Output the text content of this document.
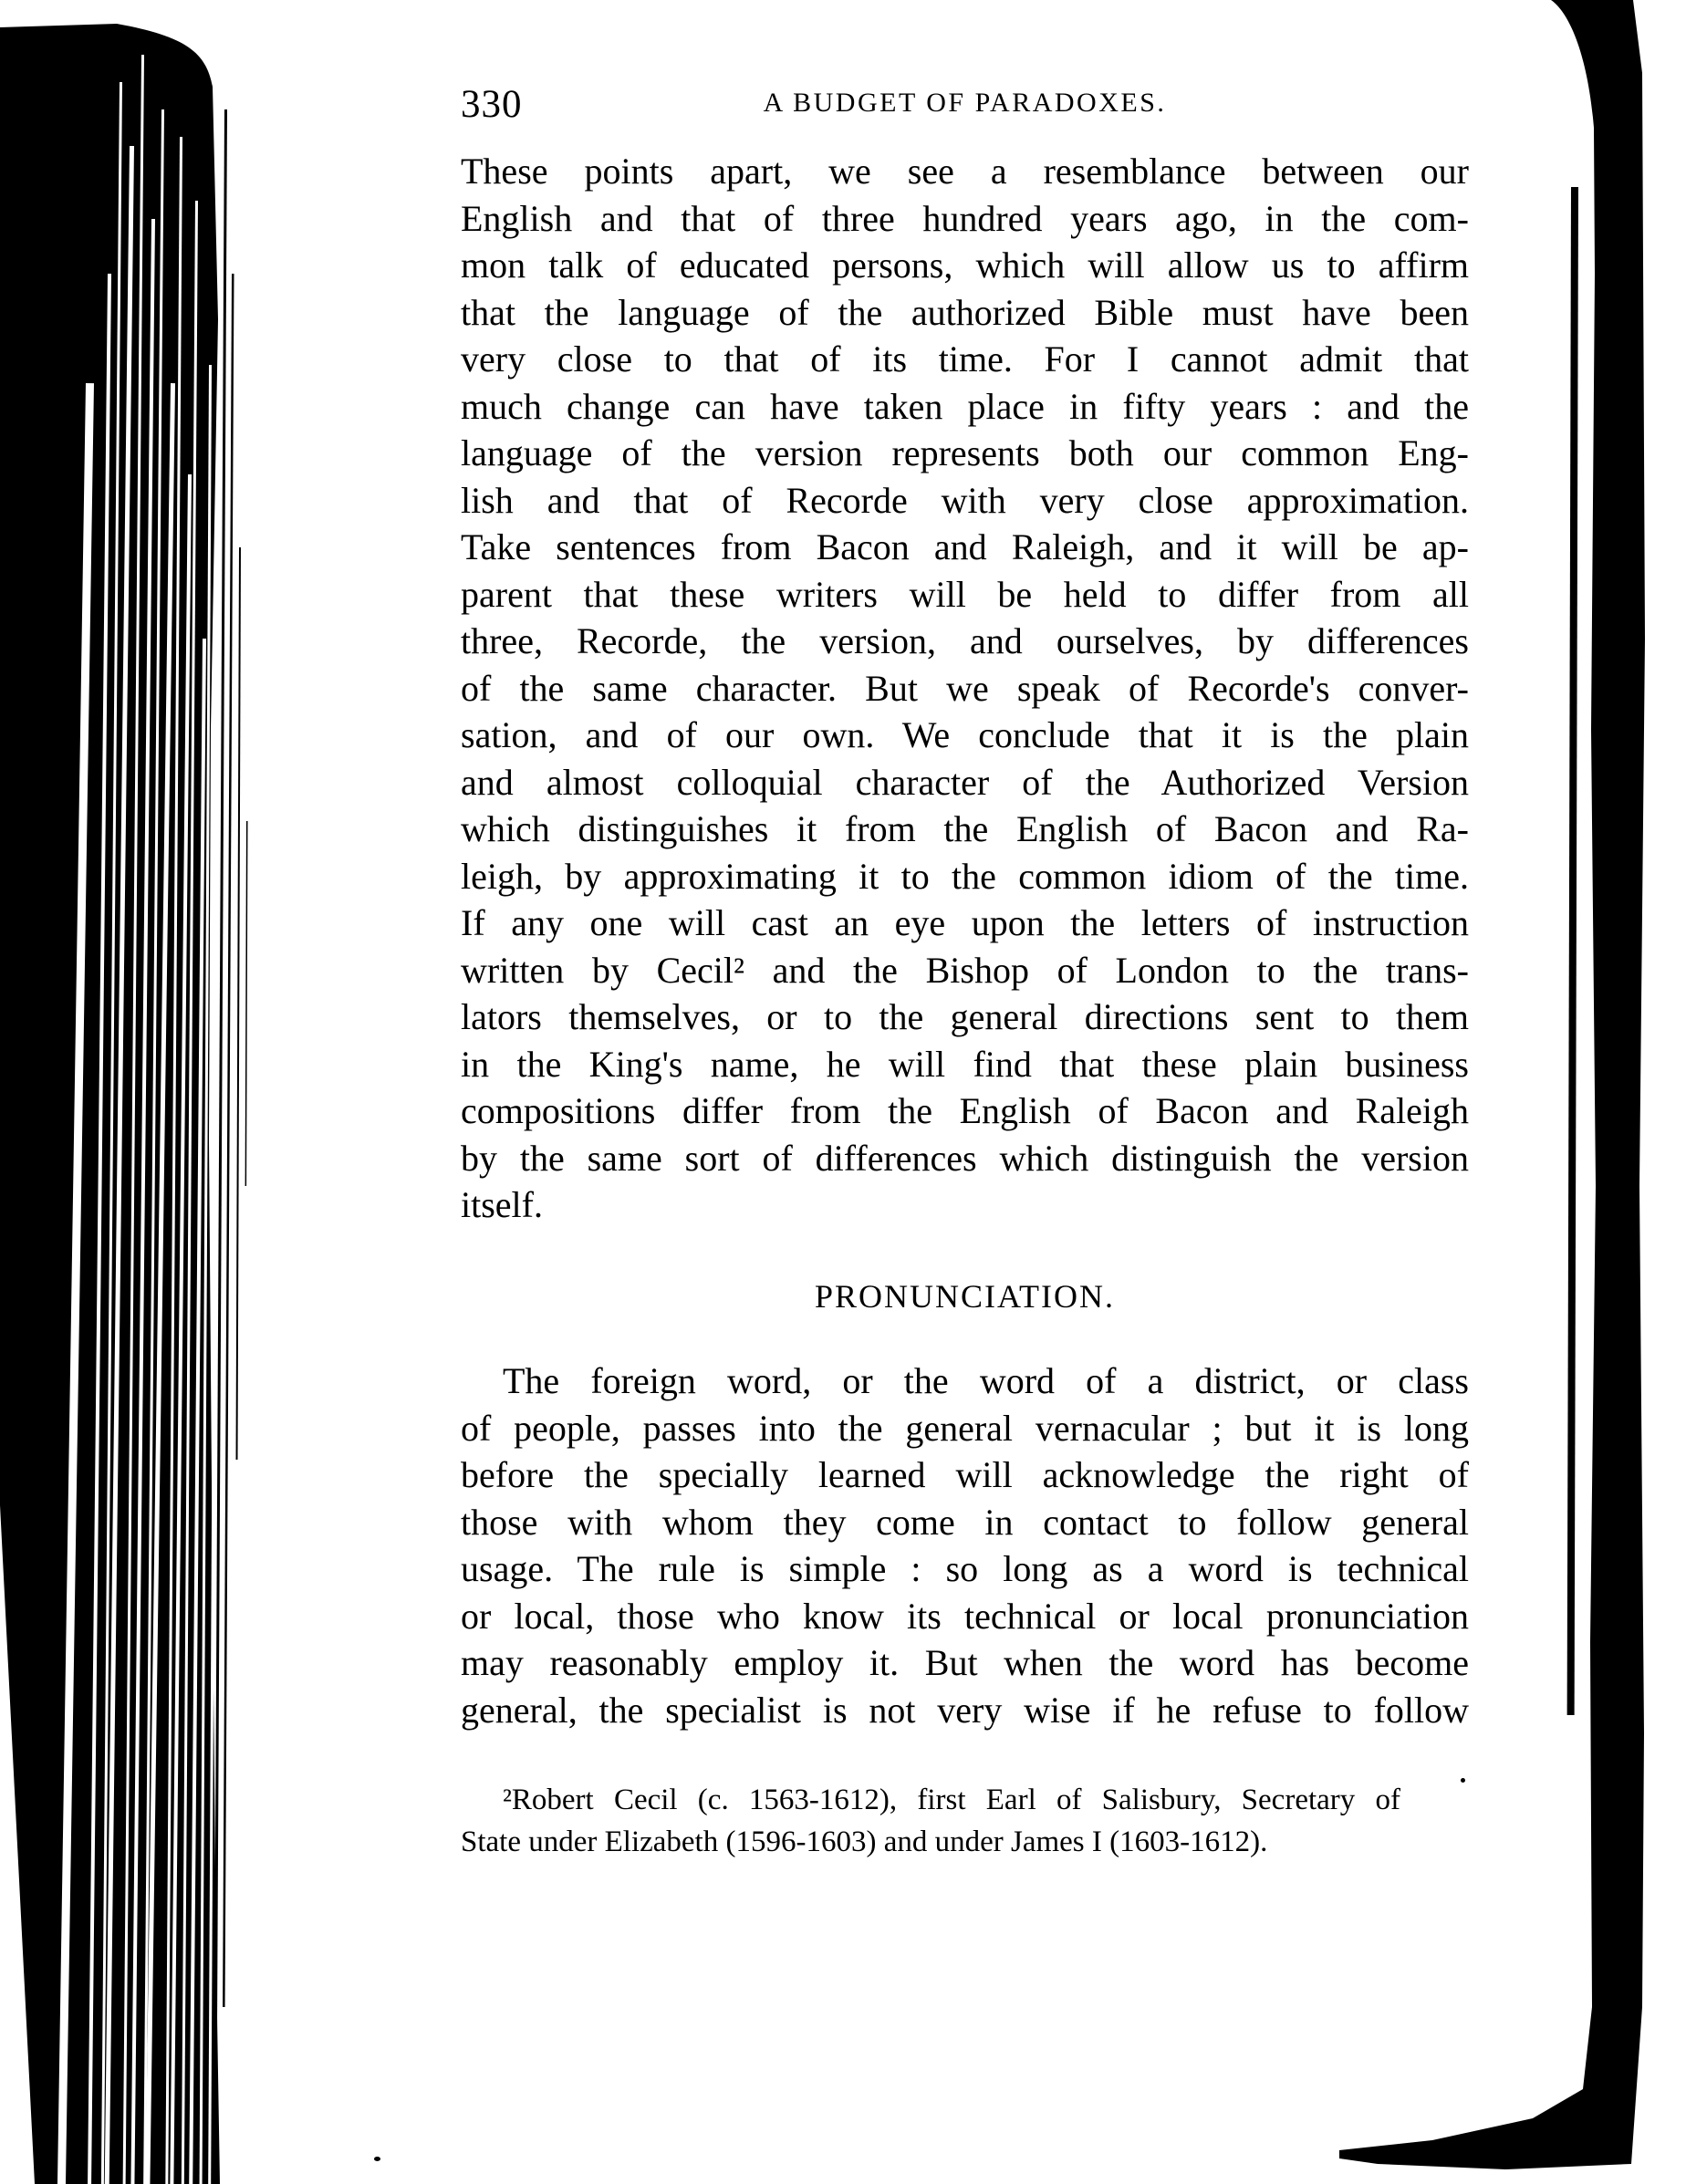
330	A BUDGET OF PARADOXES.
These points apart, we see a resemblance between our
English and that of three hundred years ago, in the com-
mon talk of educated persons, which will allow us to affirm
that the language of the authorized Bible must have been
very close to that of its time. For I cannot admit that
much change can have taken place in fifty years : and the
language of the version represents both our common Eng-
lish and that of Recorde with very close approximation.
Take sentences from Bacon and Raleigh, and it will be ap-
parent that these writers will be held to differ from all
three, Recorde, the version, and ourselves, by differences
of the same character. But we speak of Recorde's conver-
sation, and of our own. We conclude that it is the plain
and almost colloquial character of the Authorized Version
which distinguishes it from the English of Bacon and Ra-
leigh, by approximating it to the common idiom of the time.
If any one will cast an eye upon the letters of instruction
written by Cecil² and the Bishop of London to the trans-
lators themselves, or to the general directions sent to them
in the King's name, he will find that these plain business
compositions differ from the English of Bacon and Raleigh
by the same sort of differences which distinguish the version
itself.
PRONUNCIATION.
The foreign word, or the word of a district, or class
of people, passes into the general vernacular ; but it is long
before the specially learned will acknowledge the right of
those with whom they come in contact to follow general
usage. The rule is simple : so long as a word is technical
or local, those who know its technical or local pronunciation
may reasonably employ it. But when the word has become
general, the specialist is not very wise if he refuse to follow
²Robert Cecil (c. 1563-1612), first Earl of Salisbury, Secretary of
State under Elizabeth (1596-1603) and under James I (1603-1612).
